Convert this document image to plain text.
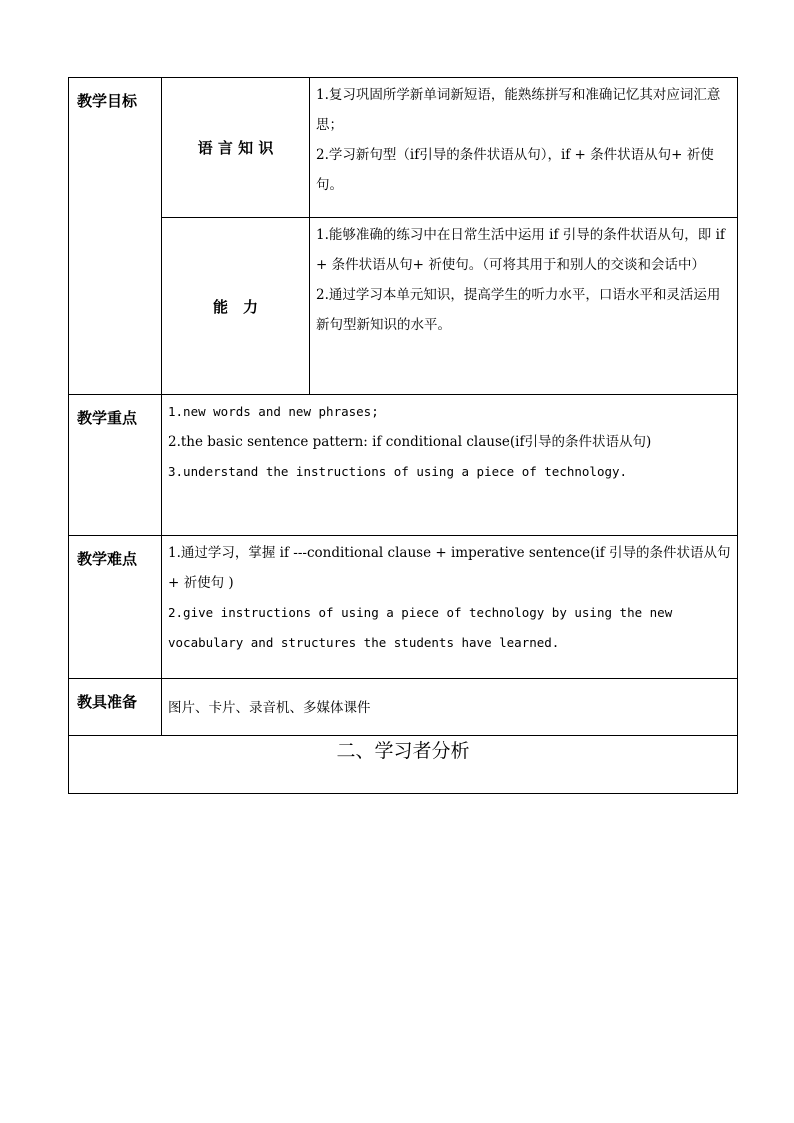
教学目标	语 言 知 识	1.复习巩固所学新单词新短语，能熟练拼写和准确记忆其对应词汇意思；

2.学习新句型（if引导的条件状语从句），if + 条件状语从句+ 祈使句。

	能　力	1.能够准确的练习中在日常生活中运用 if 引导的条件状语从句，即 if + 条件状语从句+ 祈使句。（可将其用于和别人的交谈和会话中）

2.通过学习本单元知识，提高学生的听力水平，口语水平和灵活运用新句型新知识的水平。

教学重点	1.new words and new phrases;

2.the basic sentence pattern: if conditional clause(if引导的条件状语从句)

3.understand the instructions of using a piece of technology.	

教学难点	1.通过学习，掌握 if ---conditional clause + imperative sentence(if 引导的条件状语从句+ 祈使句 )

2.give instructions of using a piece of technology by using the new vocabulary and structures the students have learned.	

教具准备	图片、卡片、录音机、多媒体课件	
二、学习者分析		
